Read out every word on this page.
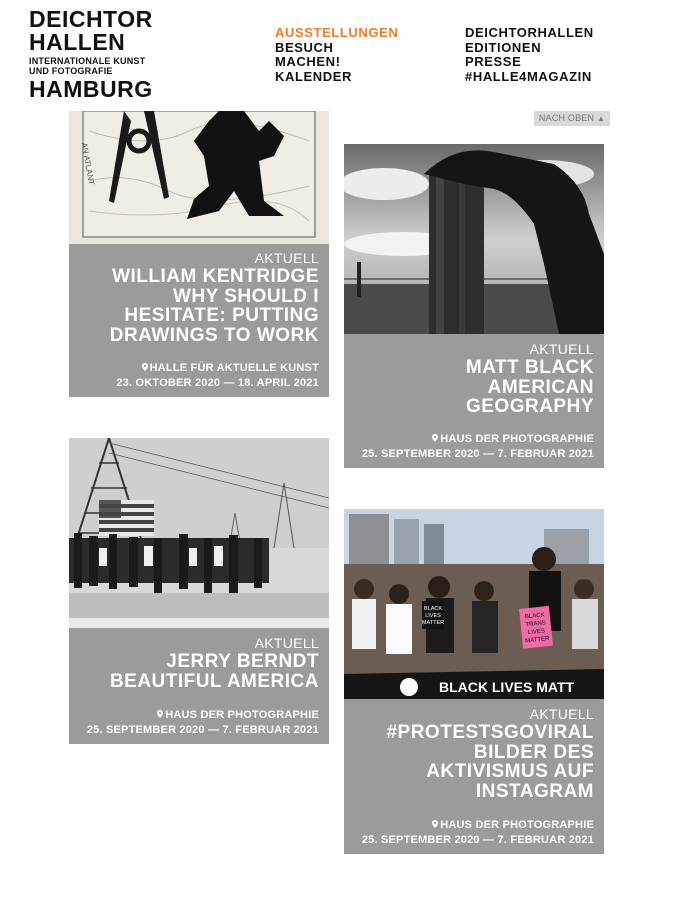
DEICHTOR
HALLEN
INTERNATIONALE KUNST
UND FOTOGRAFIE
HAMBURG
AUSSTELLUNGEN
BESUCH
MACHEN!
KALENDER
DEICHTORHALLEN
EDITIONEN
PRESSE
#HALLE4MAGAZIN
NACH OBEN ▲
AN ATLANT
AKTUELL
WILLIAM KENTRIDGE
WHY SHOULD I
HESITATE: PUTTING
DRAWINGS TO WORK
HALLE FÜR AKTUELLE KUNST
23. OKTOBER 2020 — 18. APRIL 2021
AKTUELL
MATT BLACK
AMERICAN
GEOGRAPHY
HAUS DER PHOTOGRAPHIE
25. SEPTEMBER 2020 — 7. FEBRUAR 2021
AKTUELL
JERRY BERNDT
BEAUTIFUL AMERICA
HAUS DER PHOTOGRAPHIE
25. SEPTEMBER 2020 — 7. FEBRUAR 2021
BLACK
LIVES
MATTER
BLACK
TRANS
LIVES
MATTER
BLACK LIVES MATT
AKTUELL
#PROTESTSGOVIRAL
BILDER DES
AKTIVISMUS AUF
INSTAGRAM
HAUS DER PHOTOGRAPHIE
25. SEPTEMBER 2020 — 7. FEBRUAR 2021
